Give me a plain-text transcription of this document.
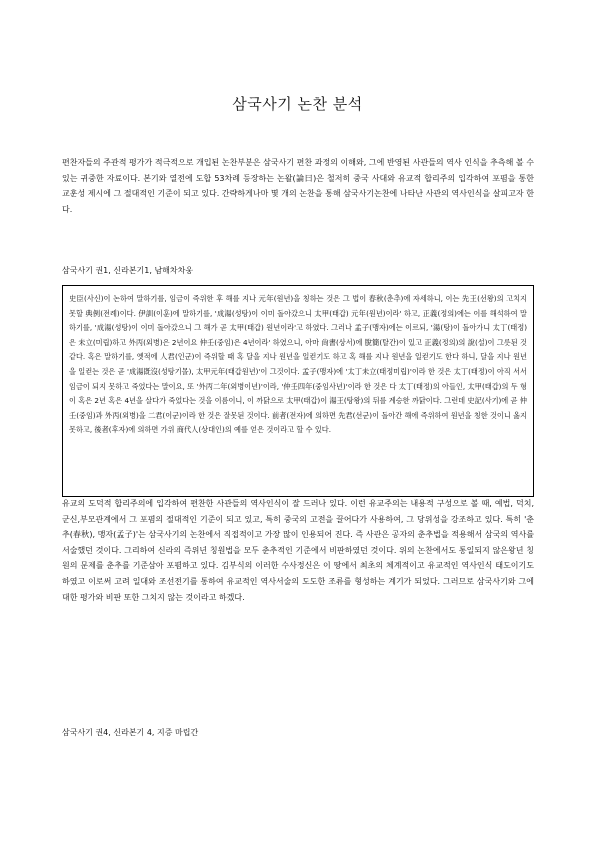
삼국사기 논찬 분석

편찬자들의 주관적 평가가 적극적으로 개입된 논찬부분은 삼국사기 편찬 과정의 이해와, 그에 반영된 사관들의 역사 인식을 추측해 볼 수 있는 귀중한 자료이다. 본기와 열전에 도합 53차례 등장하는 논왈(論曰)은 철저히 중국 사대와 유교적 합리주의 입각하여 포폄을 통한 교훈성 제시에 그 절대적인 기준이 되고 있다. 간략하게나마 몇 개의 논찬을 통해 삼국사기논찬에 나타난 사관의 역사인식을 살피고자 한다.

삼국사기 권1, 신라본기1, 남해차차웅

史臣(사신)이 논하여 말하기를, 임금이 즉위한 후 해를 지나 元年(원년)을 칭하는 것은 그 법이 春秋(춘추)에 자세하니, 이는 先王(선왕)의 고치지 못할 典例(전례)이다. 伊訓(이훈)에 말하기를, '成湯(성탕)이 이미 돌아갔으니 太甲(태갑) 元年(원년)이라' 하고, 正義(정의)에는 이를 해석하여 말하기를, '成湯(성탕)이 이미 돌아갔으니 그 해가 곧 太甲(태갑) 원년이라'고 하였다. 그러나 孟子(맹자)에는 이르되, '湯(탕)이 돌아가니 太丁(태정)은 未立(미립)하고 外丙(외병)은 2년이요 仲壬(중임)은 4년이라' 하였으니, 아마 尙書(상서)에 脫簡(탈간)이 있고 正義(정의)의 說(설)이 그릇된 것 같다. 혹은 말하기를, 옛적에 人君(인군)이 즉위할 때 혹 달을 지나 원년을 일컫기도 하고 혹 해를 지나 원년을 일컫기도 한다 하니, 달을 지나 원년을 일컫는 것은 곧 '成湯既沒(성탕기몰), 太甲元年(태갑원년)'이 그것이다. 孟子(맹자)에 '太丁未立(태정미립)'이라 한 것은 太丁(태정)이 아직 서서 임금이 되지 못하고 죽었다는 말이요, 또 '外丙二年(외병이년)'이라, '仲壬四年(중임사년)'이라 한 것은 다 太丁(태정)의 아들인, 太甲(태갑)의 두 형이 혹은 2년 혹은 4년을 살다가 죽었다는 것을 이름이니, 이 까닭으로 太甲(태갑)이 湯王(탕왕)의 뒤를 계승한 까닭이다. 그런데 史記(사기)에 곧 仲壬(중임)과 外丙(외병)을 二君(이군)이라 한 것은 잘못된 것이다. 前者(전자)에 의하면 先君(선군)이 돌아간 해에 즉위하여 원년을 칭한 것이니 옳지 못하고, 後者(후자)에 의하면 가위 商代人(상대인)의 예를 얻은 것이라고 할 수 있다.

유교의 도덕적 합리주의에 입각하여 편찬한 사관들의 역사인식이 잘 드러나 있다. 이런 유교주의는 내용적 구성으로 볼 때, 예법, 덕치, 군신,부모관계에서 그 포폄의 절대적인 기준이 되고 있고, 특히 중국의 고전을 끌어다가 사용하여, 그 당위성을 강조하고 있다. 특히 '춘추(春秋), 맹자(孟子)'는 삼국사기의 논찬에서 직접적이고 가장 많이 인용되어 진다. 즉 사관은 공자의 춘추법을 적용해서 삼국의 역사를 서술했던 것이다. 그리하여 신라의 즉위년 칭원법을 모두 춘추적인 기준에서 비판하였던 것이다. 위의 논찬에서도 통일되지 않은왕년 칭원의 문제를 춘추를 기준삼아 포폄하고 있다. 김부식의 이러한 수사정신은 이 땅에서 최초의 체계적이고 유교적인 역사인식 태도이기도 하였고 이로써 고려 일대와 조선전기를 통하여 유교적인 역사서술의 도도한 조류를 형성하는 계기가 되었다. 그러므로 삼국사기와 그에 대한 평가와 비판 또한 그치지 않는 것이라고 하겠다.

삼국사기 권4, 신라본기 4, 지증 마립간
